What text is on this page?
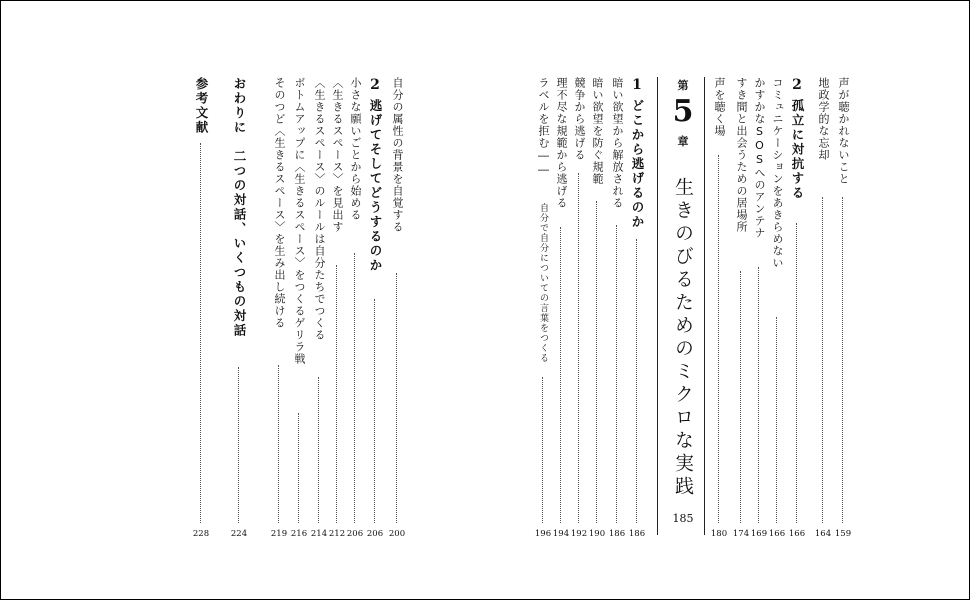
声が聴かれないこと
159
地政学的な忘却
164
2
孤立に対抗する
166
コミュニケーションをあきらめない
166
かすかなSOSへのアンテナ
169
すき間と出会うための居場所
174
声を聴く場
180
第
5
章
生きのびるためのミクロな実践
185
1
どこから逃げるのか
186
暗い欲望から解放される
186
暗い欲望を防ぐ規範
190
競争から逃げる
192
理不尽な規範から逃げる
194
ラベルを拒む――
自分で自分についての言葉をつくる
196
自分の属性の背景を自覚する
200
2
逃げてそしてどうするのか
206
小さな願いごとから始める
206
〈生きるスペース〉を見出す
212
〈生きるスペース〉のルールは自分たちでつくる
214
ボトムアップに〈生きるスペース〉をつくるゲリラ戦
216
そのつど〈生きるスペース〉を生み出し続ける
219
おわりに　二つの対話、いくつもの対話
224
参考文献
228
